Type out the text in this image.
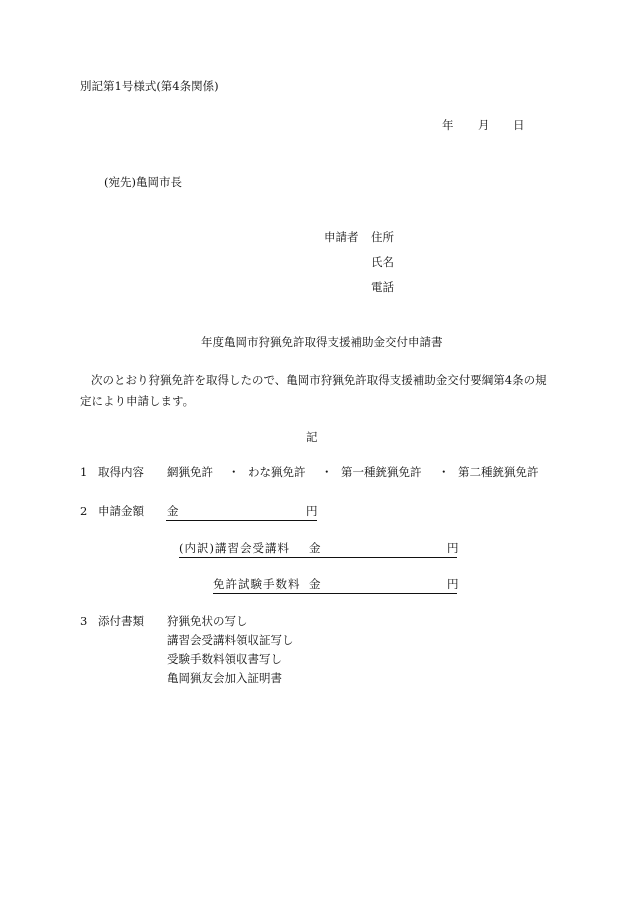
別記第1号様式(第4条関係)
年 月 日
(宛先)亀岡市長
申請者 住所
氏名
電話
年度亀岡市狩猟免許取得支援補助金交付申請書
次のとおり狩猟免許を取得したので、亀岡市狩猟免許取得支援補助金交付要綱第4条の規
定により申請します。
記
1 取得内容 網猟免許 ・ わな猟免許 ・ 第一種銃猟免許 ・ 第二種銃猟免許
2 申請金額 金	円
(内訳)講習会受講料 金	円
免許試験手数料 金	円
3 添付書類 狩猟免状の写し
講習会受講料領収証写し
受験手数料領収書写し
亀岡猟友会加入証明書
